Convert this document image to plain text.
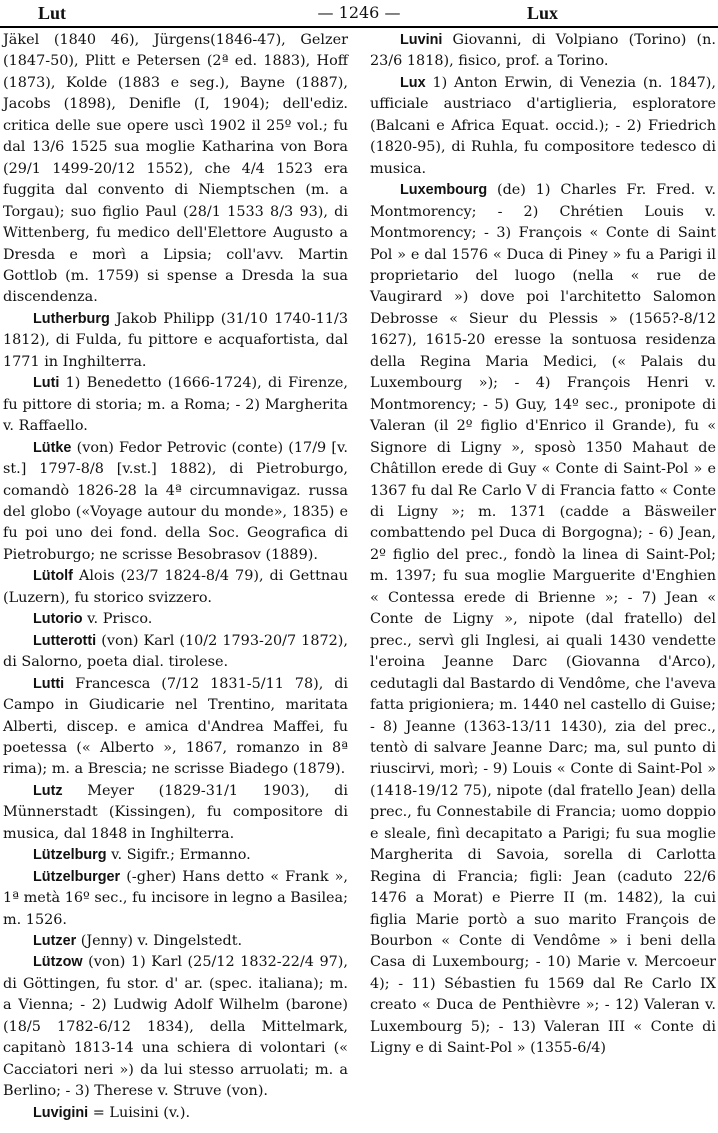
Lut	— 1246 —	Lux

Jäkel (1840 46), Jürgens(1846-47), Gelzer (1847-50), Plitt e Petersen (2ª ed. 1883), Hoff (1873), Kolde (1883 e seg.), Bayne (1887), Jacobs (1898), Denifle (I, 1904); dell'ediz. critica delle sue opere uscì 1902 il 25º vol.; fu dal 13/6 1525 sua moglie Katharina von Bora (29/1 1499-20/12 1552), che 4/4 1523 era fuggita dal convento di Niemptschen (m. a Torgau); suo figlio Paul (28/1 1533 8/3 93), di Wittenberg, fu medico dell'Elettore Augusto a Dresda e morì a Lipsia; coll'avv. Martin Gottlob (m. 1759) si spense a Dresda la sua discendenza.

Lutherburg Jakob Philipp (31/10 1740-11/3 1812), di Fulda, fu pittore e acquafortista, dal 1771 in Inghilterra.

Luti 1) Benedetto (1666-1724), di Firenze, fu pittore di storia; m. a Roma; - 2) Margherita v. Raffaello.

Lütke (von) Fedor Petrovic (conte) (17/9 [v. st.] 1797-8/8 [v.st.] 1882), di Pietroburgo, comandò 1826-28 la 4ª circumnavigaz. russa del globo («Voyage autour du monde», 1835) e fu poi uno dei fond. della Soc. Geografica di Pietroburgo; ne scrisse Besobrasov (1889).

Lütolf Alois (23/7 1824-8/4 79), di Gettnau (Luzern), fu storico svizzero.

Lutorio v. Prisco.

Lutterotti (von) Karl (10/2 1793-20/7 1872), di Salorno, poeta dial. tirolese.

Lutti Francesca (7/12 1831-5/11 78), di Campo in Giudicarie nel Trentino, maritata Alberti, discep. e amica d'Andrea Maffei, fu poetessa (« Alberto », 1867, romanzo in 8ª rima); m. a Brescia; ne scrisse Biadego (1879).

Lutz Meyer (1829-31/1 1903), di Münnerstadt (Kissingen), fu compositore di musica, dal 1848 in Inghilterra.

Lützelburg v. Sigifr.; Ermanno.

Lützelburger (-gher) Hans detto « Frank », 1ª metà 16º sec., fu incisore in legno a Basilea; m. 1526.

Lutzer (Jenny) v. Dingelstedt.

Lützow (von) 1) Karl (25/12 1832-22/4 97), di Göttingen, fu stor. d' ar. (spec. italiana); m. a Vienna; - 2) Ludwig Adolf Wilhelm (barone) (18/5 1782-6/12 1834), della Mittelmark, capitanò 1813-14 una schiera di volontari (« Cacciatori neri ») da lui stesso arruolati; m. a Berlino; - 3) Therese v. Struve (von).

Luvigini = Luisini (v.).

Luvini Giovanni, di Volpiano (Torino) (n. 23/6 1818), fisico, prof. a Torino.

Lux 1) Anton Erwin, di Venezia (n. 1847), ufficiale austriaco d'artiglieria, esploratore (Balcani e Africa Equat. occid.); - 2) Friedrich (1820-95), di Ruhla, fu compositore tedesco di musica.

Luxembourg (de) 1) Charles Fr. Fred. v. Montmorency; - 2) Chrétien Louis v. Montmorency; - 3) François « Conte di Saint Pol » e dal 1576 « Duca di Piney » fu a Parigi il proprietario del luogo (nella « rue de Vaugirard ») dove poi l'architetto Salomon Debrosse « Sieur du Plessis » (1565?-8/12 1627), 1615-20 eresse la sontuosa residenza della Regina Maria Medici, (« Palais du Luxembourg »); - 4) François Henri v. Montmorency; - 5) Guy, 14º sec., pronipote di Valeran (il 2º figlio d'Enrico il Grande), fu « Signore di Ligny », sposò 1350 Mahaut de Châtillon erede di Guy « Conte di Saint-Pol » e 1367 fu dal Re Carlo V di Francia fatto « Conte di Ligny »; m. 1371 (cadde a Bäsweiler combattendo pel Duca di Borgogna); - 6) Jean, 2º figlio del prec., fondò la linea di Saint-Pol; m. 1397; fu sua moglie Marguerite d'Enghien « Contessa erede di Brienne »; - 7) Jean « Conte de Ligny », nipote (dal fratello) del prec., servì gli Inglesi, ai quali 1430 vendette l'eroina Jeanne Darc (Giovanna d'Arco), cedutagli dal Bastardo di Vendôme, che l'aveva fatta prigioniera; m. 1440 nel castello di Guise; - 8) Jeanne (1363-13/11 1430), zia del prec., tentò di salvare Jeanne Darc; ma, sul punto di riuscirvi, morì; - 9) Louis « Conte di Saint-Pol » (1418-19/12 75), nipote (dal fratello Jean) della prec., fu Connestabile di Francia; uomo doppio e sleale, finì decapitato a Parigi; fu sua moglie Margherita di Savoia, sorella di Carlotta Regina di Francia; figli: Jean (caduto 22/6 1476 a Morat) e Pierre II (m. 1482), la cui figlia Marie portò a suo marito François de Bourbon « Conte di Vendôme » i beni della Casa di Luxembourg; - 10) Marie v. Mercoeur 4); - 11) Sébastien fu 1569 dal Re Carlo IX creato « Duca de Penthièvre »; - 12) Valeran v. Luxembourg 5); - 13) Valeran III « Conte di Ligny e di Saint-Pol » (1355-6/4)
